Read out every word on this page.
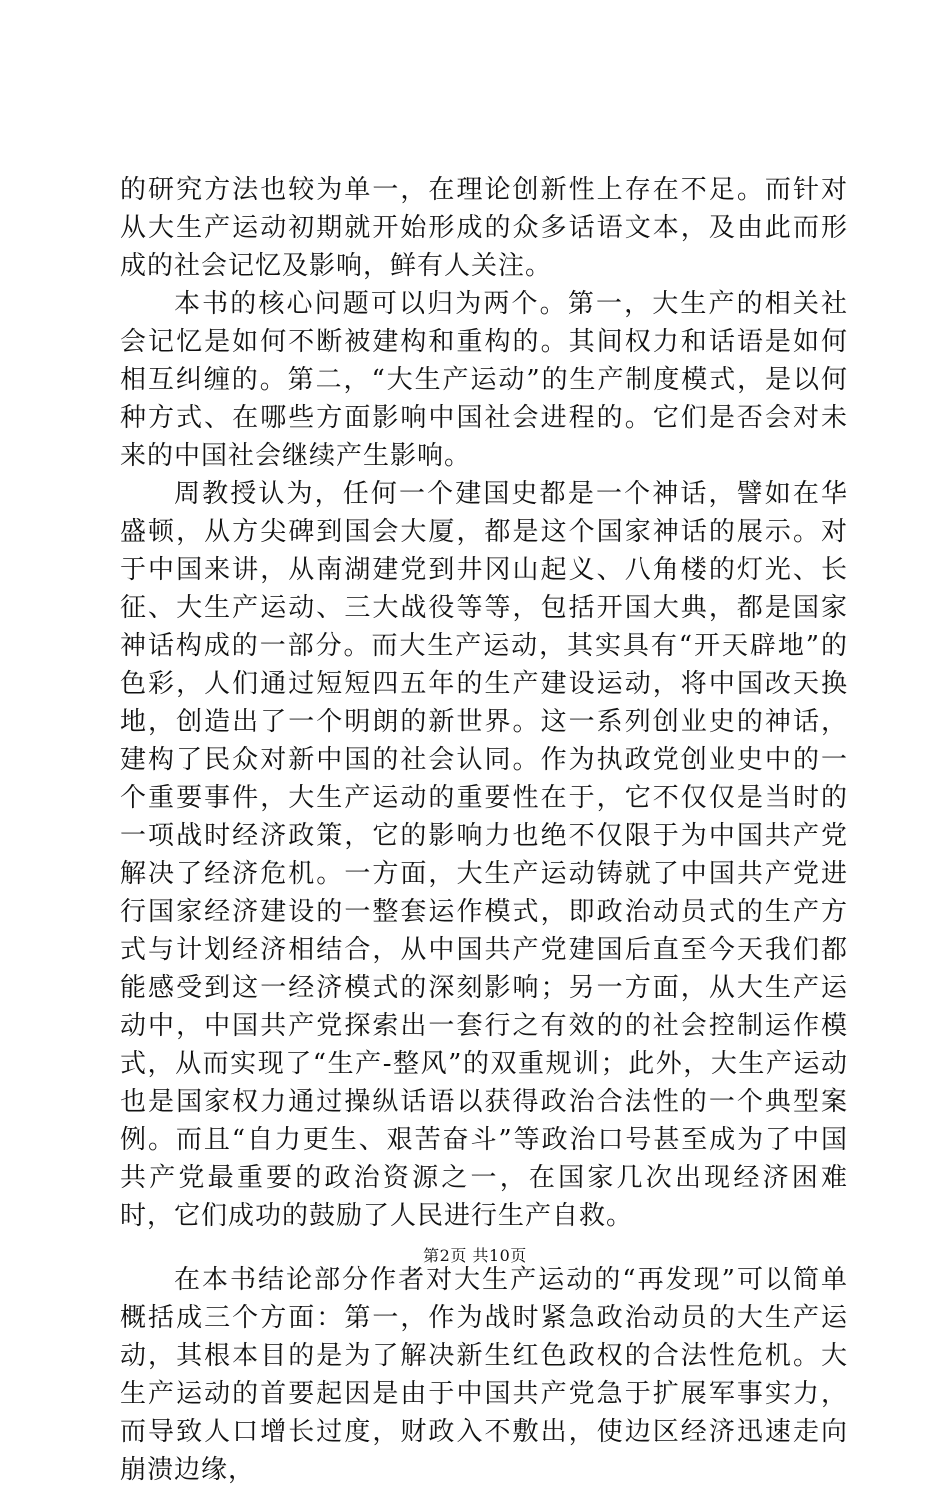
的研究方法也较为单一，在理论创新性上存在不足。而针对从大生产运动初期就开始形成的众多话语文本，及由此而形成的社会记忆及影响，鲜有人关注。

本书的核心问题可以归为两个。第一，大生产的相关社会记忆是如何不断被建构和重构的。其间权力和话语是如何相互纠缠的。第二，“大生产运动”的生产制度模式，是以何种方式、在哪些方面影响中国社会进程的。它们是否会对未来的中国社会继续产生影响。

周教授认为，任何一个建国史都是一个神话，譬如在华盛顿，从方尖碑到国会大厦，都是这个国家神话的展示。对于中国来讲，从南湖建党到井冈山起义、八角楼的灯光、长征、大生产运动、三大战役等等，包括开国大典，都是国家神话构成的一部分。而大生产运动，其实具有“开天辟地”的色彩，人们通过短短四五年的生产建设运动，将中国改天换地，创造出了一个明朗的新世界。这一系列创业史的神话，建构了民众对新中国的社会认同。作为执政党创业史中的一个重要事件，大生产运动的重要性在于，它不仅仅是当时的一项战时经济政策，它的影响力也绝不仅限于为中国共产党解决了经济危机。一方面，大生产运动铸就了中国共产党进行国家经济建设的一整套运作模式，即政治动员式的生产方式与计划经济相结合，从中国共产党建国后直至今天我们都能感受到这一经济模式的深刻影响；另一方面，从大生产运动中，中国共产党探索出一套行之有效的的社会控制运作模式，从而实现了“生产-整风”的双重规训；此外，大生产运动也是国家权力通过操纵话语以获得政治合法性的一个典型案例。而且“自力更生、艰苦奋斗”等政治口号甚至成为了中国共产党最重要的政治资源之一，在国家几次出现经济困难时，它们成功的鼓励了人民进行生产自救。

在本书结论部分作者对大生产运动的“再发现”可以简单概括成三个方面：第一，作为战时紧急政治动员的大生产运动，其根本目的是为了解决新生红色政权的合法性危机。大生产运动的首要起因是由于中国共产党急于扩展军事实力，而导致人口增长过度，财政入不敷出，使边区经济迅速走向崩溃边缘，

第2页 共10页
